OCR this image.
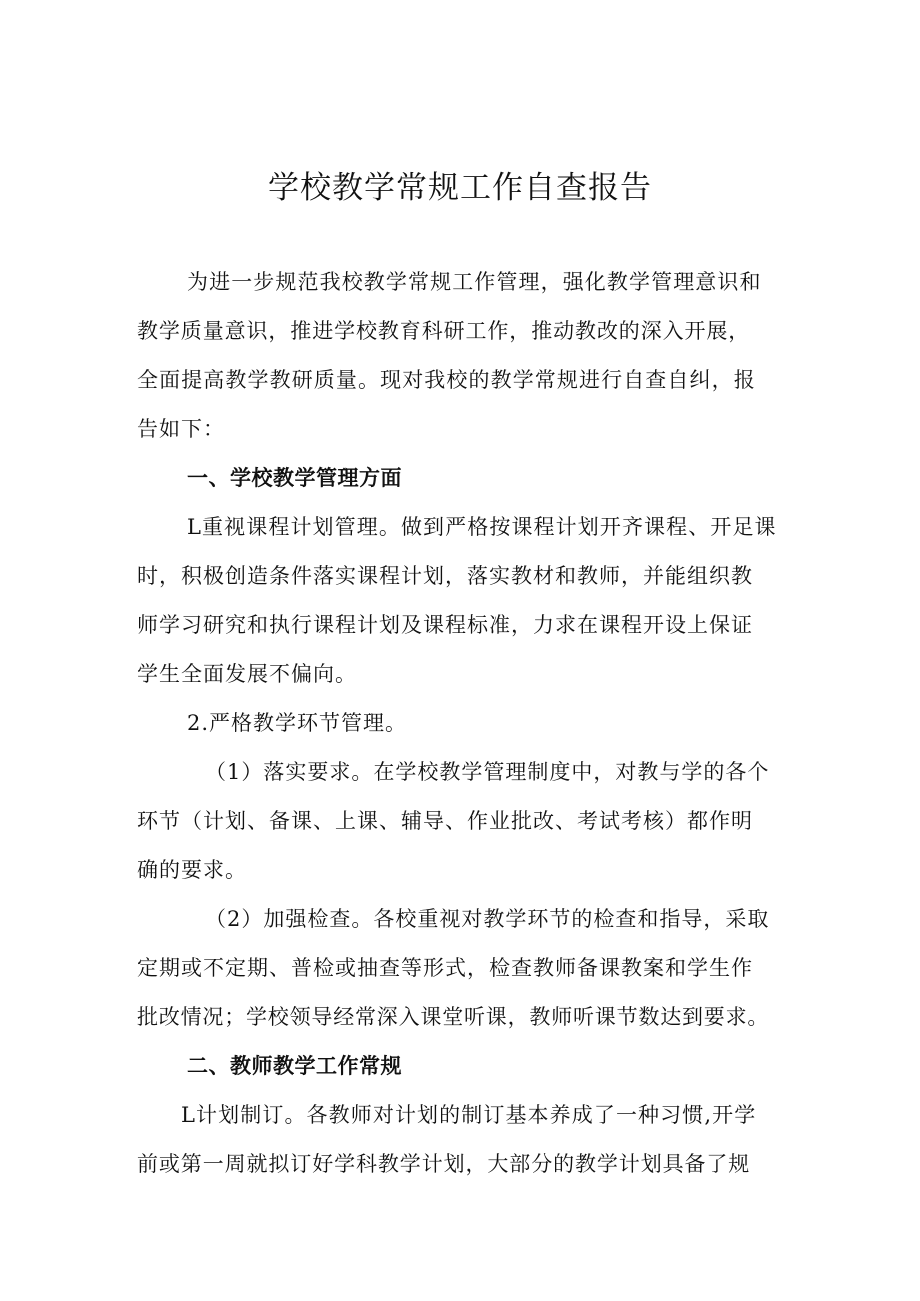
学校教学常规工作自查报告
为进一步规范我校教学常规工作管理，强化教学管理意识和
教学质量意识，推进学校教育科研工作，推动教改的深入开展，
全面提高教学教研质量。现对我校的教学常规进行自查自纠，报
告如下：
一、学校教学管理方面
L重视课程计划管理。做到严格按课程计划开齐课程、开足课
时，积极创造条件落实课程计划，落实教材和教师，并能组织教
师学习研究和执行课程计划及课程标准，力求在课程开设上保证
学生全面发展不偏向。
2.严格教学环节管理。
（1）落实要求。在学校教学管理制度中，对教与学的各个
环节（计划、备课、上课、辅导、作业批改、考试考核）都作明
确的要求。
（2）加强检查。各校重视对教学环节的检查和指导，采取
定期或不定期、普检或抽查等形式，检查教师备课教案和学生作
批改情况；学校领导经常深入课堂听课，教师听课节数达到要求。
二、教师教学工作常规
L计划制订。各教师对计划的制订基本养成了一种习惯,开学
前或第一周就拟订好学科教学计划，大部分的教学计划具备了规
